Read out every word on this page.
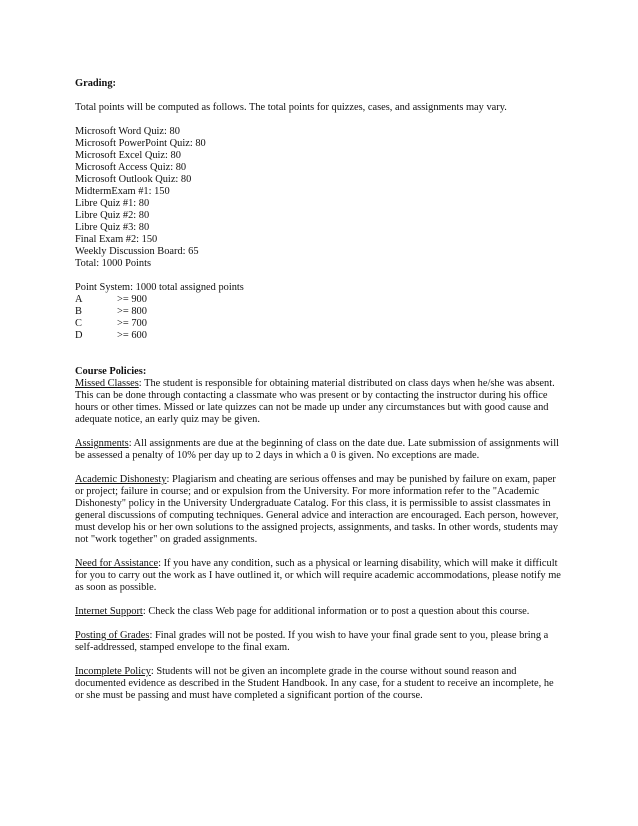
Grading:

Total points will be computed as follows. The total points for quizzes, cases, and assignments may vary.

Microsoft Word Quiz: 80

Microsoft PowerPoint Quiz: 80

Microsoft Excel Quiz: 80

Microsoft Access Quiz: 80

Microsoft Outlook Quiz: 80

MidtermExam #1: 150

Libre Quiz #1: 80

Libre Quiz #2: 80

Libre Quiz #3: 80

Final Exam #2: 150

Weekly Discussion Board: 65

Total: 1000 Points

Point System: 1000 total assigned points

A	>= 900
B	>= 800
C	>= 700
D	>= 600

Course Policies:

Missed Classes: The student is responsible for obtaining material distributed on class days when he/she was absent.

This can be done through contacting a classmate who was present or by contacting the instructor during his office

hours or other times. Missed or late quizzes can not be made up under any circumstances but with good cause and

adequate notice, an early quiz may be given.

Assignments: All assignments are due at the beginning of class on the date due. Late submission of assignments will

be assessed a penalty of 10% per day up to 2 days in which a 0 is given. No exceptions are made.

Academic Dishonesty: Plagiarism and cheating are serious offenses and may be punished by failure on exam, paper

or project; failure in course; and or expulsion from the University. For more information refer to the "Academic

Dishonesty" policy in the University Undergraduate Catalog. For this class, it is permissible to assist classmates in

general discussions of computing techniques. General advice and interaction are encouraged. Each person, however,

must develop his or her own solutions to the assigned projects, assignments, and tasks. In other words, students may

not "work together" on graded assignments.

Need for Assistance: If you have any condition, such as a physical or learning disability, which will make it difficult

for you to carry out the work as I have outlined it, or which will require academic accommodations, please notify me

as soon as possible.

Internet Support: Check the class Web page for additional information or to post a question about this course.

Posting of Grades: Final grades will not be posted. If you wish to have your final grade sent to you, please bring a

self-addressed, stamped envelope to the final exam.

Incomplete Policy: Students will not be given an incomplete grade in the course without sound reason and

documented evidence as described in the Student Handbook. In any case, for a student to receive an incomplete, he

or she must be passing and must have completed a significant portion of the course.
